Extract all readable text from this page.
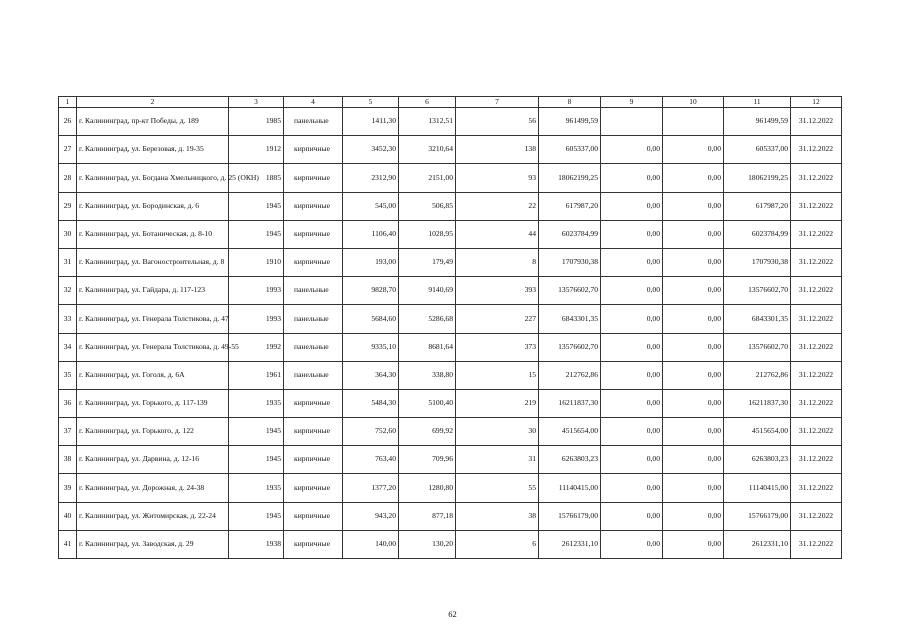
1	2	3	4	5	6	7	8	9	10	11	12
26	г. Калининград, пр-кт Победы, д. 189	1985	панельные	1411,30	1312,51	56	961499,59			961499,59	31.12.2022
27	г. Калининград, ул. Березовая, д. 19-35	1912	кирпичные	3452,30	3210,64	138	605337,00	0,00	0,00	605337,00	31.12.2022
28	г. Калининград, ул. Богдана Хмельницкого, д. 25 (ОКН)	1885	кирпичные	2312,90	2151,00	93	18062199,25	0,00	0,00	18062199,25	31.12.2022
29	г. Калининград, ул. Бородинская, д. 6	1945	кирпичные	545,00	506,85	22	617987,20	0,00	0,00	617987,20	31.12.2022
30	г. Калининград, ул. Ботаническая, д. 8-10	1945	кирпичные	1106,40	1028,95	44	6023784,99	0,00	0,00	6023784,99	31.12.2022
31	г. Калининград, ул. Вагоностроительная, д. 8	1910	кирпичные	193,00	179,49	8	1707930,38	0,00	0,00	1707930,38	31.12.2022
32	г. Калининград, ул. Гайдара, д. 117-123	1993	панельные	9828,70	9140,69	393	13576602,70	0,00	0,00	13576602,70	31.12.2022
33	г. Калининград, ул. Генерала Толстикова, д. 47	1993	панельные	5684,60	5286,68	227	6843301,35	0,00	0,00	6843301,35	31.12.2022
34	г. Калининград, ул. Генерала Толстикова, д. 49-55	1992	панельные	9335,10	8681,64	373	13576602,70	0,00	0,00	13576602,70	31.12.2022
35	г. Калининград, ул. Гоголя, д. 6А	1961	панельные	364,30	338,80	15	212762,86	0,00	0,00	212762,86	31.12.2022
36	г. Калининград, ул. Горького, д. 117-139	1935	кирпичные	5484,30	5100,40	219	16211837,30	0,00	0,00	16211837,30	31.12.2022
37	г. Калининград, ул. Горького, д. 122	1945	кирпичные	752,60	699,92	30	4515654,00	0,00	0,00	4515654,00	31.12.2022
38	г. Калининград, ул. Дарвина, д. 12-16	1945	кирпичные	763,40	709,96	31	6263803,23	0,00	0,00	6263803,23	31.12.2022
39	г. Калининград, ул. Дорожная, д. 24-38	1935	кирпичные	1377,20	1280,80	55	11140415,00	0,00	0,00	11140415,00	31.12.2022
40	г. Калининград, ул. Житомирская, д. 22-24	1945	кирпичные	943,20	877,18	38	15766179,00	0,00	0,00	15766179,00	31.12.2022
41	г. Калининград, ул. Заводская, д. 29	1938	кирпичные	140,00	130,20	6	2612331,10	0,00	0,00	2612331,10	31.12.2022
62
